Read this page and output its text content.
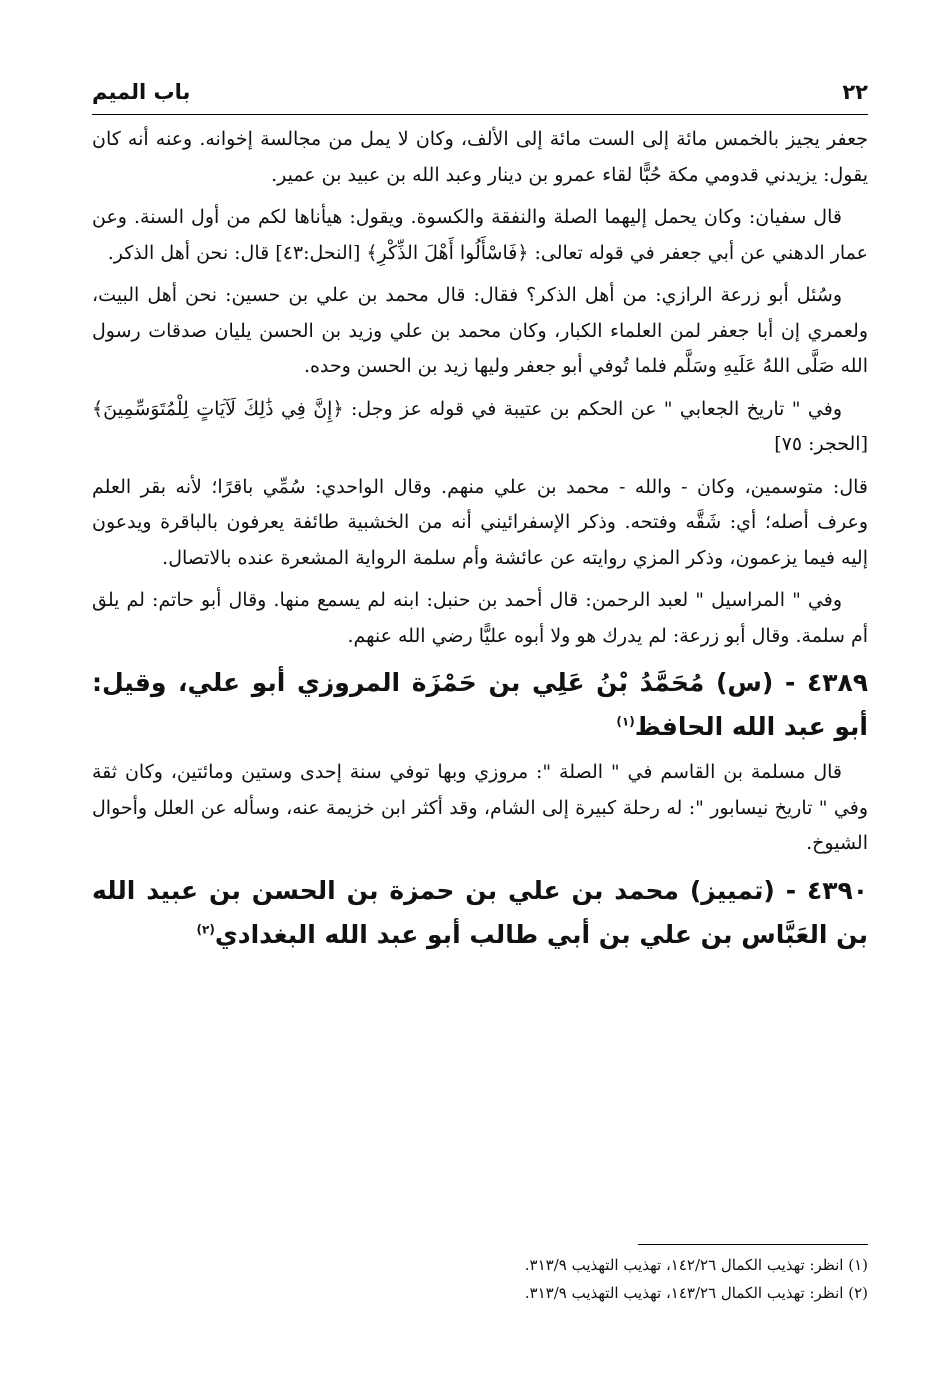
٢٢
باب الميم

جعفر يجيز بالخمس مائة إلى الست مائة إلى الألف، وكان لا يمل من مجالسة إخوانه. وعنه أنه كان يقول: يزيدني قدومي مكة حُبًّا لقاء عمرو بن دينار وعبد الله بن عبيد بن عمير.

قال سفيان: وكان يحمل إليهما الصلة والنفقة والكسوة. ويقول: هيأناها لكم من أول السنة. وعن عمار الدهني عن أبي جعفر في قوله تعالى: ﴿فَاسْأَلُوا أَهْلَ الذِّكْرِ﴾ [النحل:٤٣] قال: نحن أهل الذكر.

وسُئل أبو زرعة الرازي: من أهل الذكر؟ فقال: قال محمد بن علي بن حسين: نحن أهل البيت، ولعمري إن أبا جعفر لمن العلماء الكبار، وكان محمد بن علي وزيد بن الحسن يليان صدقات رسول الله صَلَّى اللهُ عَلَيهِ وسَلَّم فلما تُوفي أبو جعفر وليها زيد بن الحسن وحده.

وفي " تاريخ الجعابي " عن الحكم بن عتيبة في قوله عز وجل: ﴿إِنَّ فِي ذَٰلِكَ لَآيَاتٍ لِلْمُتَوَسِّمِينَ﴾ [الحجر: ٧٥]

قال: متوسمين، وكان - والله - محمد بن علي منهم. وقال الواحدي: سُمِّي باقرًا؛ لأنه بقر العلم وعرف أصله؛ أي: شَقَّه وفتحه. وذكر الإسفرائيني أنه من الخشبية طائفة يعرفون بالباقرة ويدعون إليه فيما يزعمون، وذكر المزي روايته عن عائشة وأم سلمة الرواية المشعرة عنده بالاتصال.

وفي " المراسيل " لعبد الرحمن: قال أحمد بن حنبل: ابنه لم يسمع منها. وقال أبو حاتم: لم يلق أم سلمة. وقال أبو زرعة: لم يدرك هو ولا أبوه عليًّا رضي الله عنهم.

٤٣٨٩ - (س) مُحَمَّدُ بْنُ عَلِي بن حَمْزَة المروزي أبو علي، وقيل: أبو عبد الله الحافظ$^{(١)}$

قال مسلمة بن القاسم في " الصلة ": مروزي وبها توفي سنة إحدى وستين ومائتين، وكان ثقة وفي " تاريخ نيسابور ": له رحلة كبيرة إلى الشام، وقد أكثر ابن خزيمة عنه، وسأله عن العلل وأحوال الشيوخ.

٤٣٩٠ - (تمييز) محمد بن علي بن حمزة بن الحسن بن عبيد الله بن العَبَّاس بن علي بن أبي طالب أبو عبد الله البغدادي$^{(٢)}$

(١) انظر: تهذيب الكمال ١٤٢/٢٦، تهذيب التهذيب ٣١٣/٩.

(٢) انظر: تهذيب الكمال ١٤٣/٢٦، تهذيب التهذيب ٣١٣/٩.
